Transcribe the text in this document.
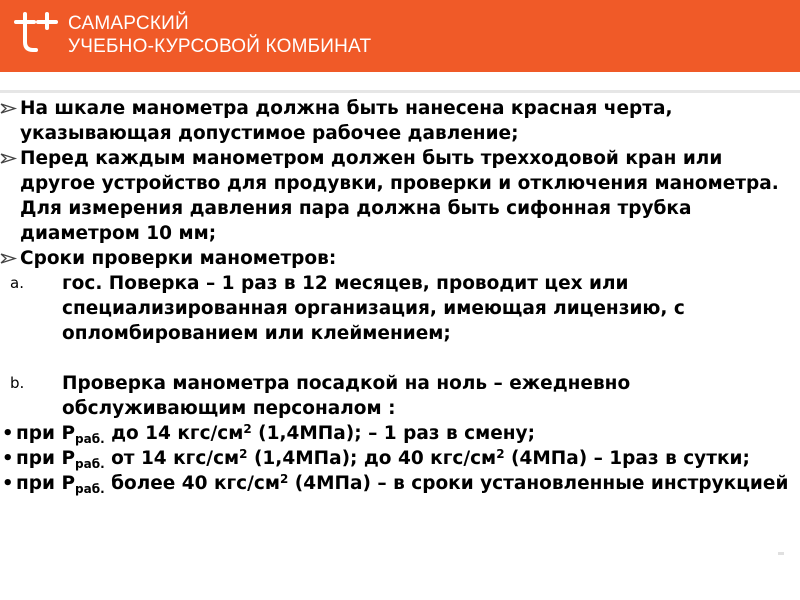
САМАРСКИЙ
УЧЕБНО-КУРСОВОЙ КОМБИНАТ
На шкале манометра должна быть нанесена красная черта, указывающая допустимое рабочее давление;
Перед каждым манометром должен быть трехходовой кран или другое устройство для продувки, проверки и отключения манометра. Для измерения давления пара должна быть сифонная трубка диаметром 10 мм;
Сроки проверки манометров:
a. гос. Поверка – 1 раз в 12 месяцев, проводит цех или специализированная организация, имеющая лицензию, с опломбированием или клеймением;
b. Проверка манометра посадкой на ноль – ежедневно обслуживающим персоналом :
• при $Р_{раб.}$ до 14 кгс/$см^2$ (1,4МПа); – 1 раз в смену;
• при $Р_{раб.}$ от 14 кгс/$см^2$ (1,4МПа); до 40 кгс/$см^2$ (4МПа) – 1раз в сутки;
• при $Р_{раб.}$ более 40 кгс/$см^2$ (4МПа) – в сроки установленные инструкцией
